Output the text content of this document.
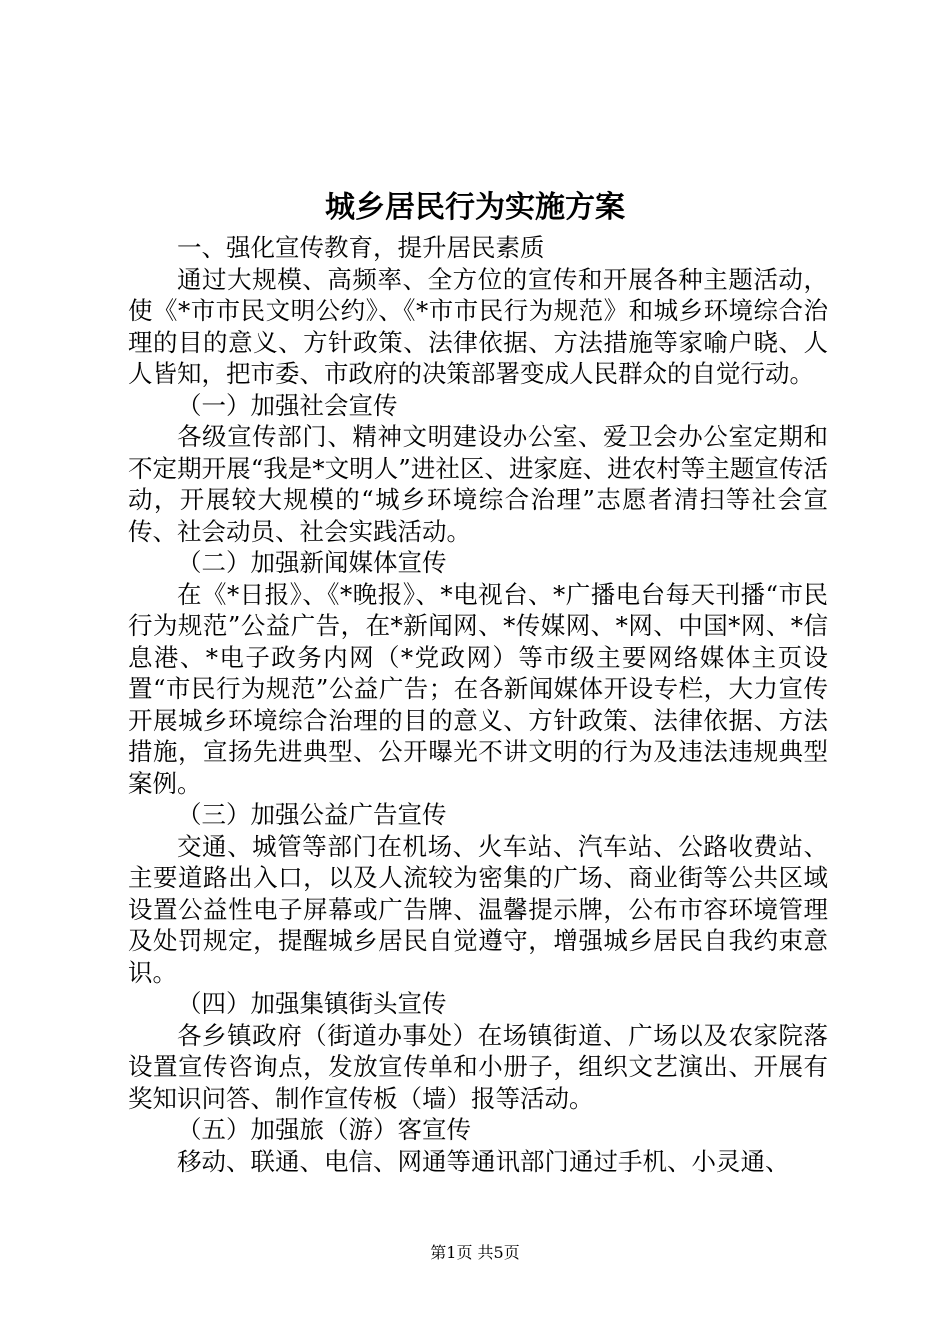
城乡居民行为实施方案

一、强化宣传教育，提升居民素质

通过大规模、高频率、全方位的宣传和开展各种主题活动，使《*市市民文明公约》、《*市市民行为规范》和城乡环境综合治理的目的意义、方针政策、法律依据、方法措施等家喻户晓、人人皆知，把市委、市政府的决策部署变成人民群众的自觉行动。

（一）加强社会宣传

各级宣传部门、精神文明建设办公室、爱卫会办公室定期和不定期开展“我是*文明人”进社区、进家庭、进农村等主题宣传活动，开展较大规模的“城乡环境综合治理”志愿者清扫等社会宣传、社会动员、社会实践活动。

（二）加强新闻媒体宣传

在《*日报》、《*晚报》、*电视台、*广播电台每天刊播“市民行为规范”公益广告，在*新闻网、*传媒网、*网、中国*网、*信息港、*电子政务内网（*党政网）等市级主要网络媒体主页设置“市民行为规范”公益广告；在各新闻媒体开设专栏，大力宣传开展城乡环境综合治理的目的意义、方针政策、法律依据、方法措施，宣扬先进典型、公开曝光不讲文明的行为及违法违规典型案例。

（三）加强公益广告宣传

交通、城管等部门在机场、火车站、汽车站、公路收费站、主要道路出入口，以及人流较为密集的广场、商业街等公共区域设置公益性电子屏幕或广告牌、温馨提示牌，公布市容环境管理及处罚规定，提醒城乡居民自觉遵守，增强城乡居民自我约束意识。

（四）加强集镇街头宣传

各乡镇政府（街道办事处）在场镇街道、广场以及农家院落设置宣传咨询点，发放宣传单和小册子，组织文艺演出、开展有奖知识问答、制作宣传板（墙）报等活动。

（五）加强旅（游）客宣传

移动、联通、电信、网通等通讯部门通过手机、小灵通、

第1页 共5页
